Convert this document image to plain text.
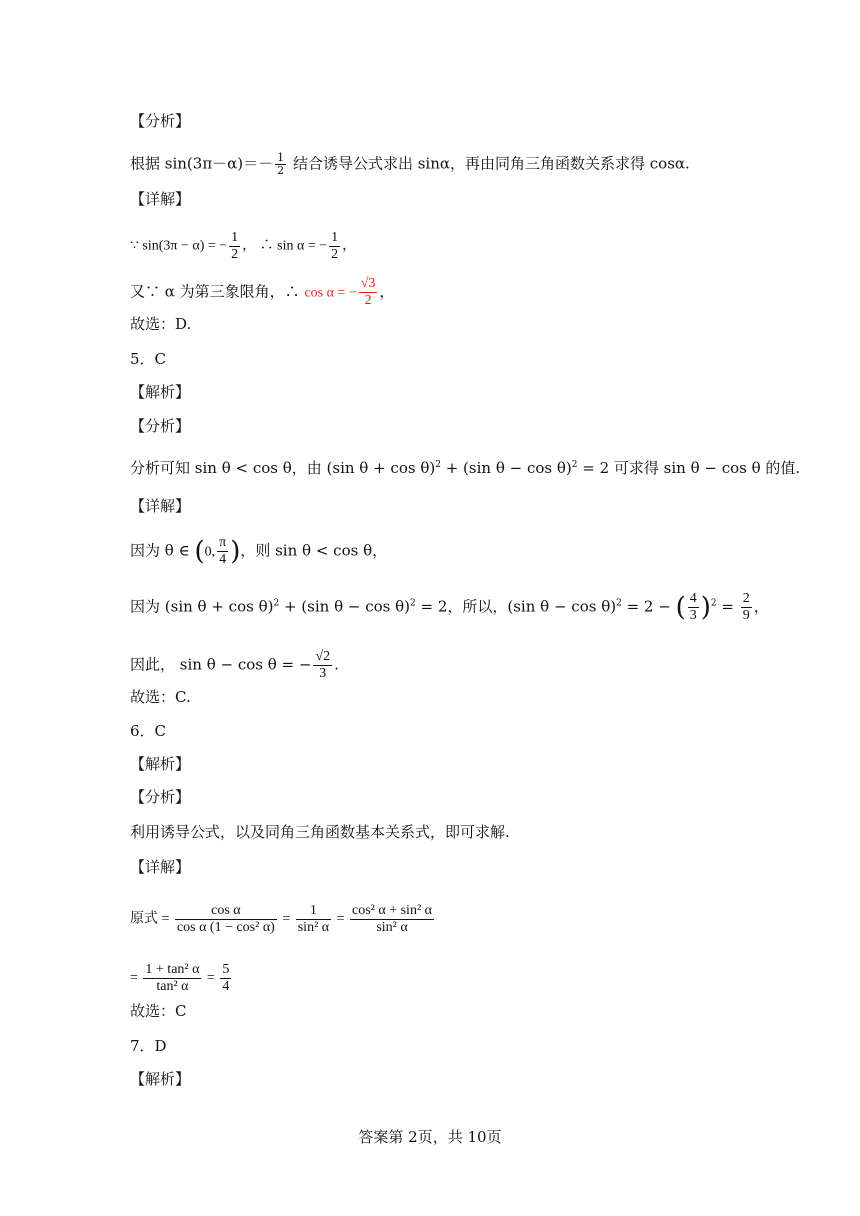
【分析】
根据 $\sin(3\pi-\alpha)=- \frac{1}{2}$ 结合诱导公式求出 sinα，再由同角三角函数关系求得 cosα.
【详解】
∵ sin(3π − α) = − $\frac{1}{2}$ ， ∴ sin α = − $\frac{1}{2}$ ，
又∵ α 为第三象限角，∴ cos α = − $\frac{√3}{2}$ ，
故选：D.
5．C
【解析】
【分析】
分析可知 sin θ < cos θ，由 (sin θ + cos θ)$^2$ + (sin θ − cos θ)$^2$ = 2 可求得 sin θ − cos θ 的值.
【详解】
因为 θ ∈ (0, $\frac{\pi}{4}$ )，则 sin θ < cos θ，
因为 (sin θ + cos θ)$^2$ + (sin θ − cos θ)$^2$ = 2，所以，(sin θ − cos θ)$^2$ = 2 − ( $\frac{4}{3} )^2 = \frac{2}{9}$ ，
因此， sin θ − cos θ = − $\frac{√2}{3}$ .
故选：C.
6．C
【解析】
【分析】
利用诱导公式，以及同角三角函数基本关系式，即可求解.
【详解】
原式 = $\frac{\text{cos α}}{\text{cos α (1 − cos² α)}} = \frac{1}{\text{sin² α}} = \frac{\text{cos² α + sin² α}}{\text{sin² α}}$
= $\frac{\text{1 + tan² α}}{\text{tan² α}} = \frac{5}{4}$
故选：C
7．D
【解析】
答案第 2页，共 10页
